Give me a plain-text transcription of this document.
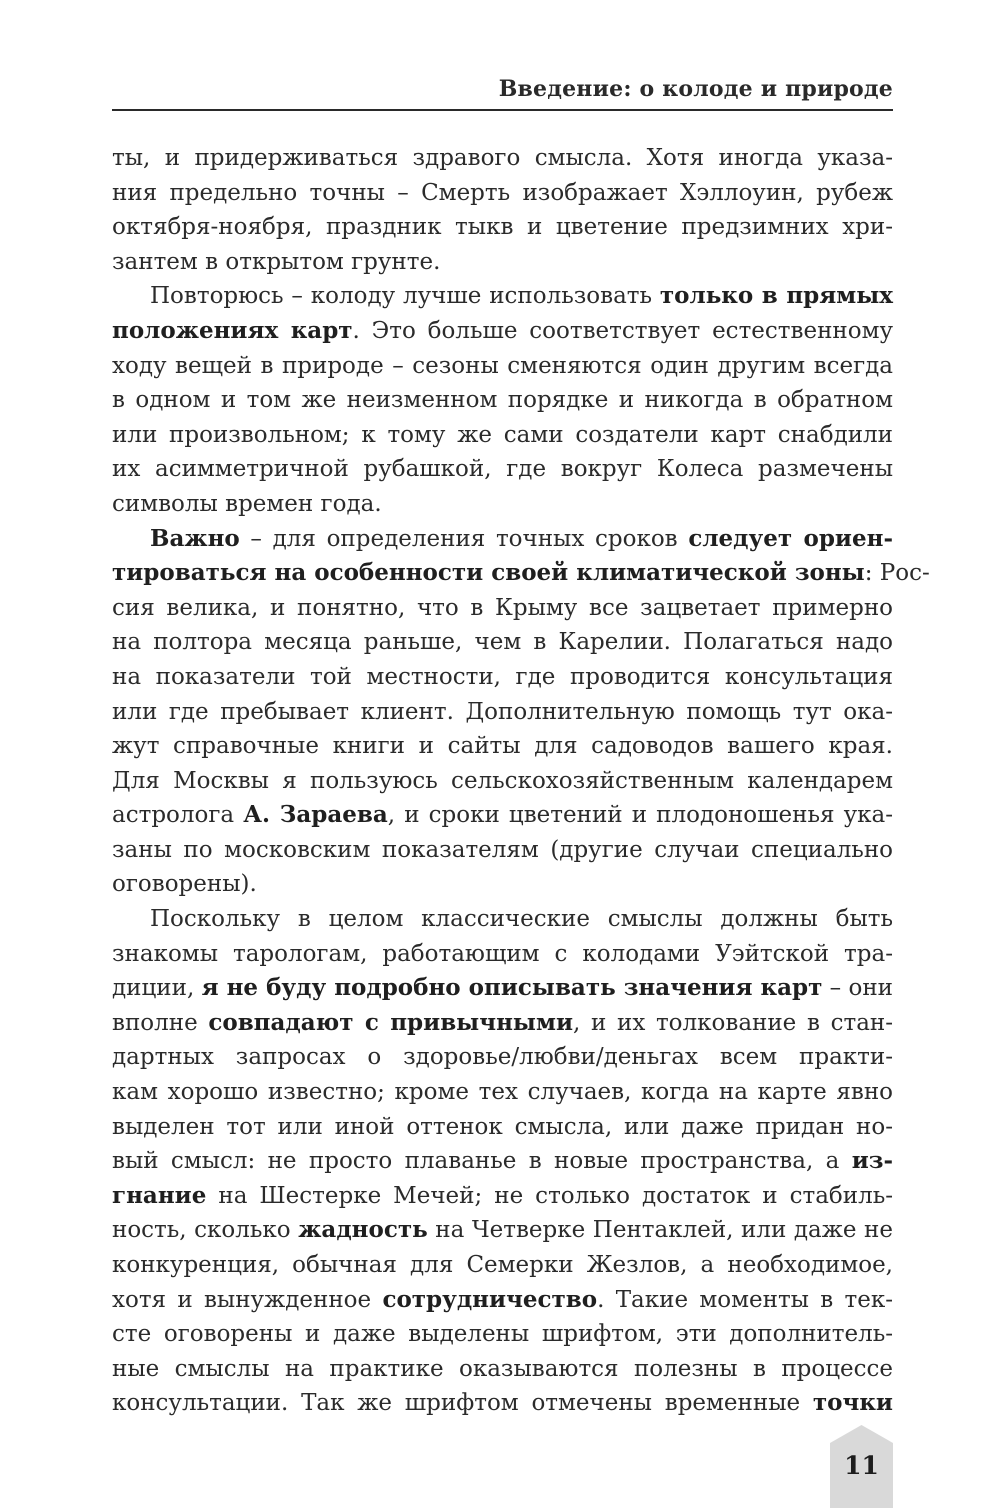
Введение: о колоде и природе
ты, и придерживаться здравого смысла. Хотя иногда указа-
ния предельно точны – Смерть изображает Хэллоуин, рубеж
октября-ноября, праздник тыкв и цветение предзимних хри-
зантем в открытом грунте.
Повторюсь – колоду лучше использовать только в прямых
положениях карт. Это больше соответствует естественному
ходу вещей в природе – сезоны сменяются один другим всегда
в одном и том же неизменном порядке и никогда в обратном
или произвольном; к тому же сами создатели карт снабдили
их асимметричной рубашкой, где вокруг Колеса размечены
символы времен года.
Важно – для определения точных сроков следует ориен-
тироваться на особенности своей климатической зоны: Рос-
сия велика, и понятно, что в Крыму все зацветает примерно
на полтора месяца раньше, чем в Карелии. Полагаться надо
на показатели той местности, где проводится консультация
или где пребывает клиент. Дополнительную помощь тут ока-
жут справочные книги и сайты для садоводов вашего края.
Для Москвы я пользуюсь сельскохозяйственным календарем
астролога А. Зараева, и сроки цветений и плодоношенья ука-
заны по московским показателям (другие случаи специально
оговорены).
Поскольку в целом классические смыслы должны быть
знакомы тарологам, работающим с колодами Уэйтской тра-
диции, я не буду подробно описывать значения карт – они
вполне совпадают с привычными, и их толкование в стан-
дартных запросах о здоровье/любви/деньгах всем практи-
кам хорошо известно; кроме тех случаев, когда на карте явно
выделен тот или иной оттенок смысла, или даже придан но-
вый смысл: не просто плаванье в новые пространства, а из-
гнание на Шестерке Мечей; не столько достаток и стабиль-
ность, сколько жадность на Четверке Пентаклей, или даже не
конкуренция, обычная для Семерки Жезлов, а необходимое,
хотя и вынужденное сотрудничество. Такие моменты в тек-
сте оговорены и даже выделены шрифтом, эти дополнитель-
ные смыслы на практике оказываются полезны в процессе
консультации. Так же шрифтом отмечены временные точки
11
